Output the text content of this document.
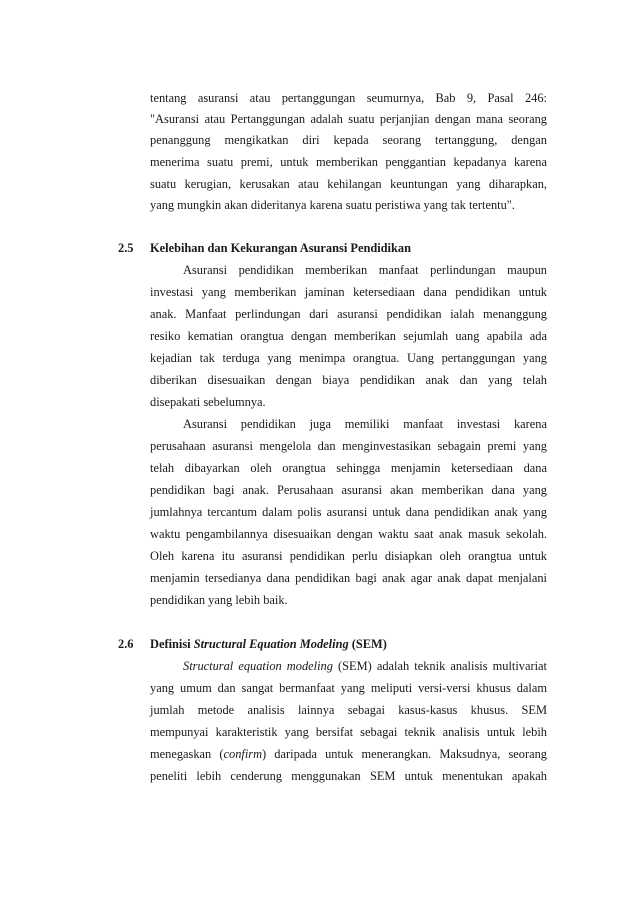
tentang asuransi atau pertanggungan seumurnya, Bab 9, Pasal 246:
"Asuransi atau Pertanggungan adalah suatu perjanjian dengan mana seorang
penanggung mengikatkan diri kepada seorang tertanggung, dengan
menerima suatu premi, untuk memberikan penggantian kepadanya karena
suatu kerugian, kerusakan atau kehilangan keuntungan yang diharapkan,
yang mungkin akan dideritanya karena suatu peristiwa yang tak tertentu".
2.5 Kelebihan dan Kekurangan Asuransi Pendidikan
Asuransi pendidikan memberikan manfaat perlindungan maupun
investasi yang memberikan jaminan ketersediaan dana pendidikan untuk
anak. Manfaat perlindungan dari asuransi pendidikan ialah menanggung
resiko kematian orangtua dengan memberikan sejumlah uang apabila ada
kejadian tak terduga yang menimpa orangtua. Uang pertanggungan yang
diberikan disesuaikan dengan biaya pendidikan anak dan yang telah
disepakati sebelumnya.
Asuransi pendidikan juga memiliki manfaat investasi karena
perusahaan asuransi mengelola dan menginvestasikan sebagain premi yang
telah dibayarkan oleh orangtua sehingga menjamin ketersediaan dana
pendidikan bagi anak. Perusahaan asuransi akan memberikan dana yang
jumlahnya tercantum dalam polis asuransi untuk dana pendidikan anak yang
waktu pengambilannya disesuaikan dengan waktu saat anak masuk sekolah.
Oleh karena itu asuransi pendidikan perlu disiapkan oleh orangtua untuk
menjamin tersedianya dana pendidikan bagi anak agar anak dapat menjalani
pendidikan yang lebih baik.
2.6 Definisi Structural Equation Modeling (SEM)
Structural equation modeling (SEM) adalah teknik analisis multivariat
yang umum dan sangat bermanfaat yang meliputi versi-versi khusus dalam
jumlah metode analisis lainnya sebagai kasus-kasus khusus. SEM
mempunyai karakteristik yang bersifat sebagai teknik analisis untuk lebih
menegaskan (confirm) daripada untuk menerangkan. Maksudnya, seorang
peneliti lebih cenderung menggunakan SEM untuk menentukan apakah
